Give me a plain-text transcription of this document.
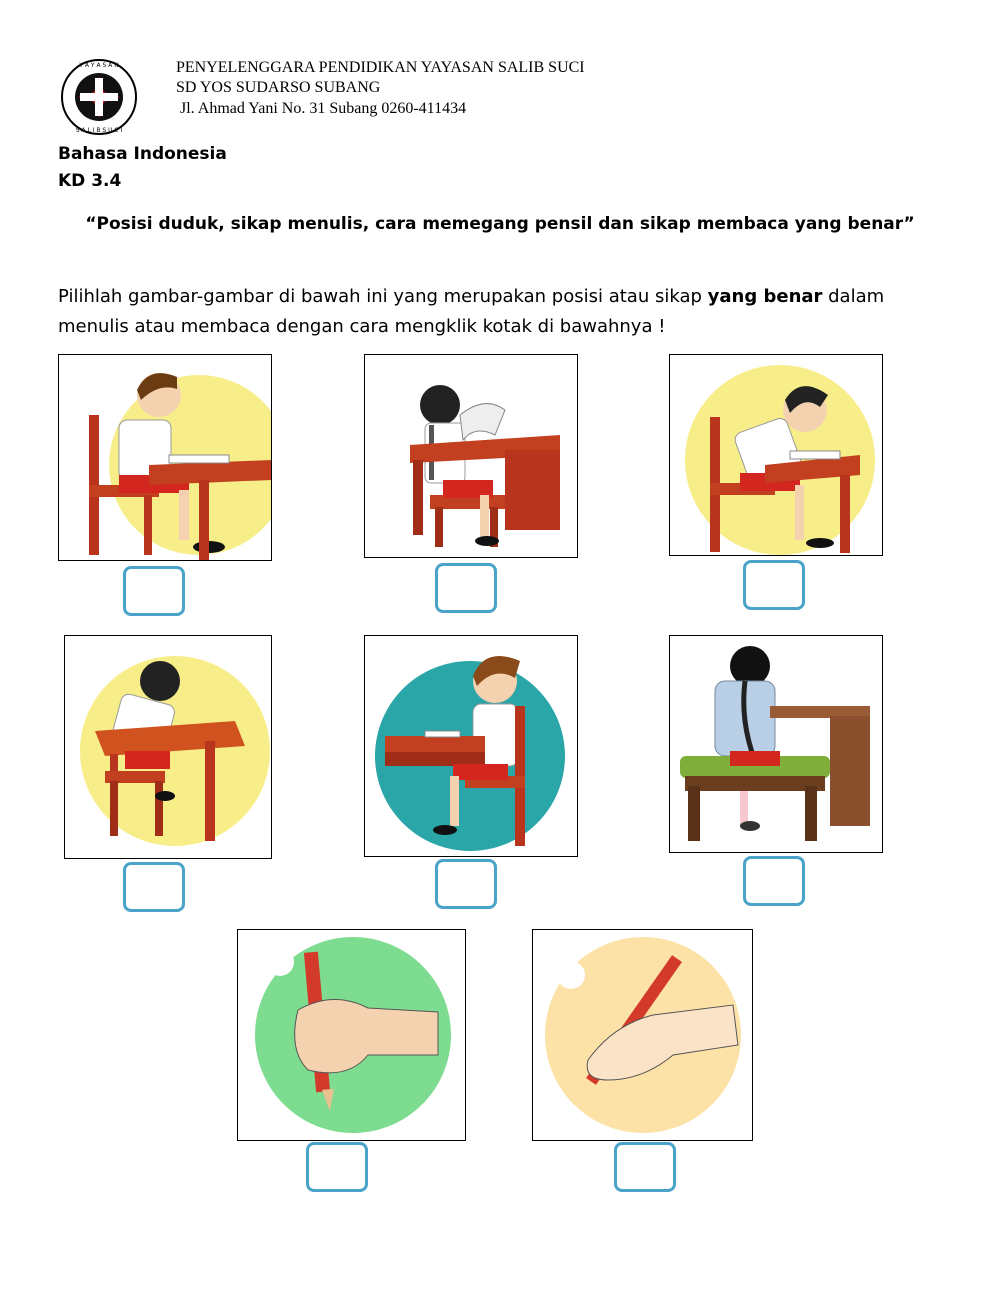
Y A Y A S A N
S A L I B S U C I
PENYELENGGARA PENDIDIKAN YAYASAN SALIB SUCI
SD YOS SUDARSO SUBANG
Jl. Ahmad Yani No. 31 Subang 0260-411434
Bahasa Indonesia
KD 3.4
“Posisi duduk, sikap menulis, cara memegang pensil dan sikap membaca yang benar”
Pilihlah gambar-gambar di bawah ini yang merupakan posisi atau sikap yang benar dalam menulis atau membaca dengan cara mengklik kotak di bawahnya !
